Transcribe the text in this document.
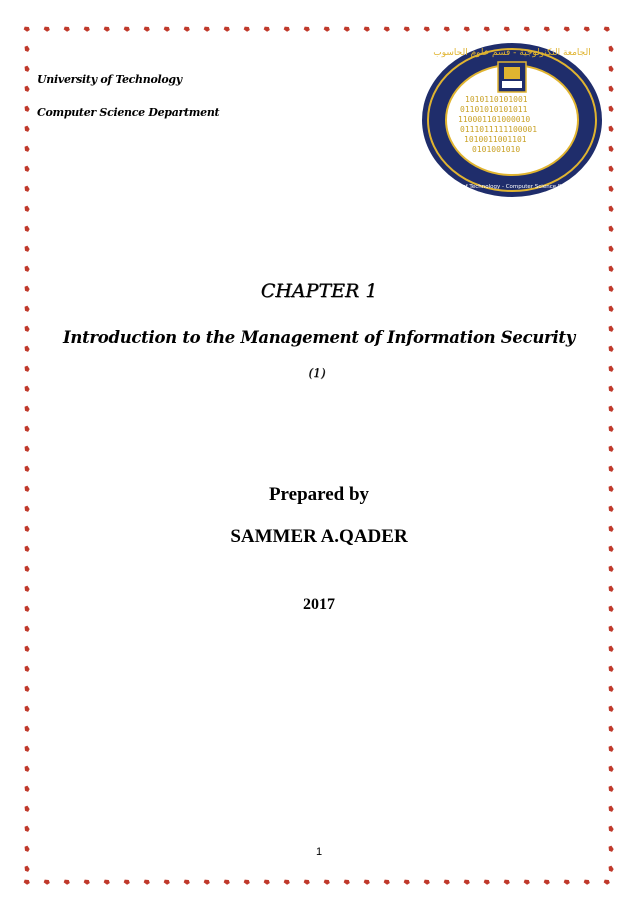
University of Technology
Computer Science Department
1010110101001
01101010101011
110001101000010
0111011111100001
1010011001101
0101001010
الجامعة التكنولوجية - قسم علوم الحاسوب
University of Technology - Computer Science Department
CHAPTER 1
Introduction to the Management of Information Security
(1)
Prepared by
SAMMER A.QADER
2017
1
